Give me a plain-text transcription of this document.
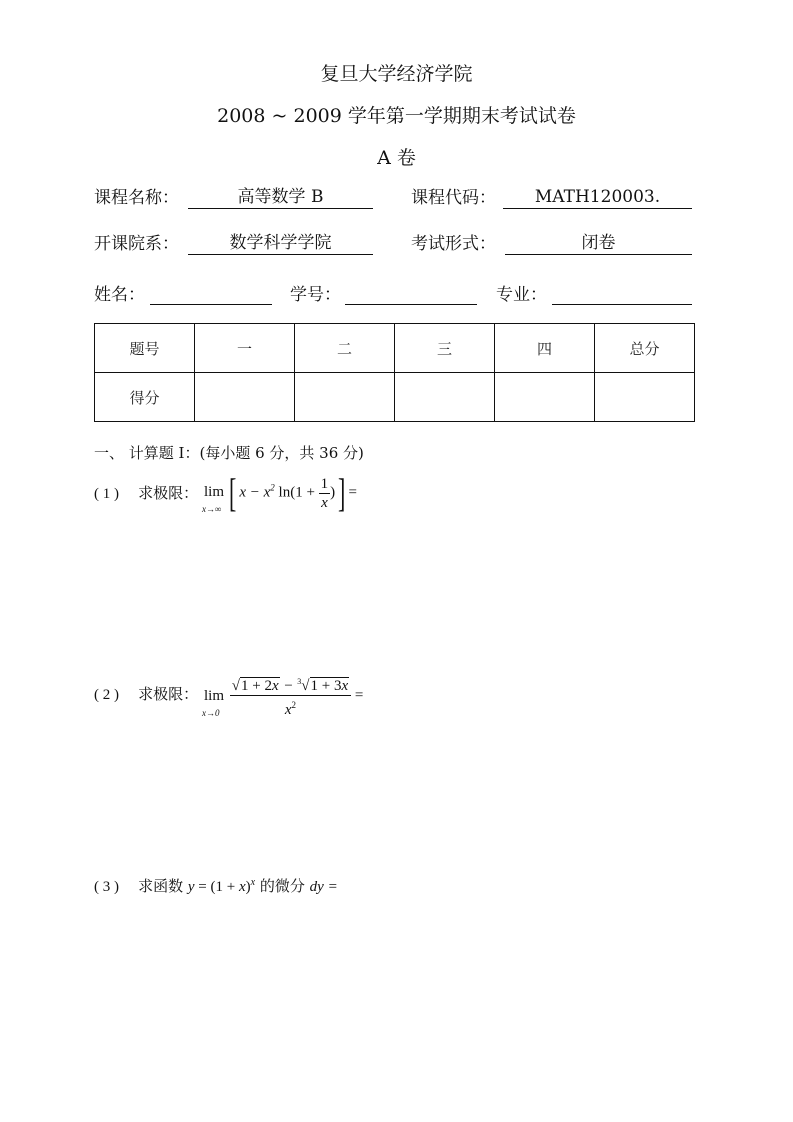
复旦大学经济学院
2008 ~ 2009 学年第一学期期末考试试卷
A 卷
课程名称：	高等数学 B	课程代码：	MATH120003.
开课院系：	数学科学学院	考试形式：	闭卷
姓名：	学号：	专业：
题号	一	二	三	四	总分
得分					
一、 计算题 I：(每小题 6 分，共 36 分)
( 1 ) 求极限： lim
x→∞ [ $x - x^2$ $\ln(1 + \frac{1}{x}$ )] =
( 2 ) 求极限： lim
x→0
$\frac{√1 + 2x - ^3√1 + 3x}{x^2}$ =
( 3 ) 求函数 $y = (1 + x)^x$ 的微分 dy =
